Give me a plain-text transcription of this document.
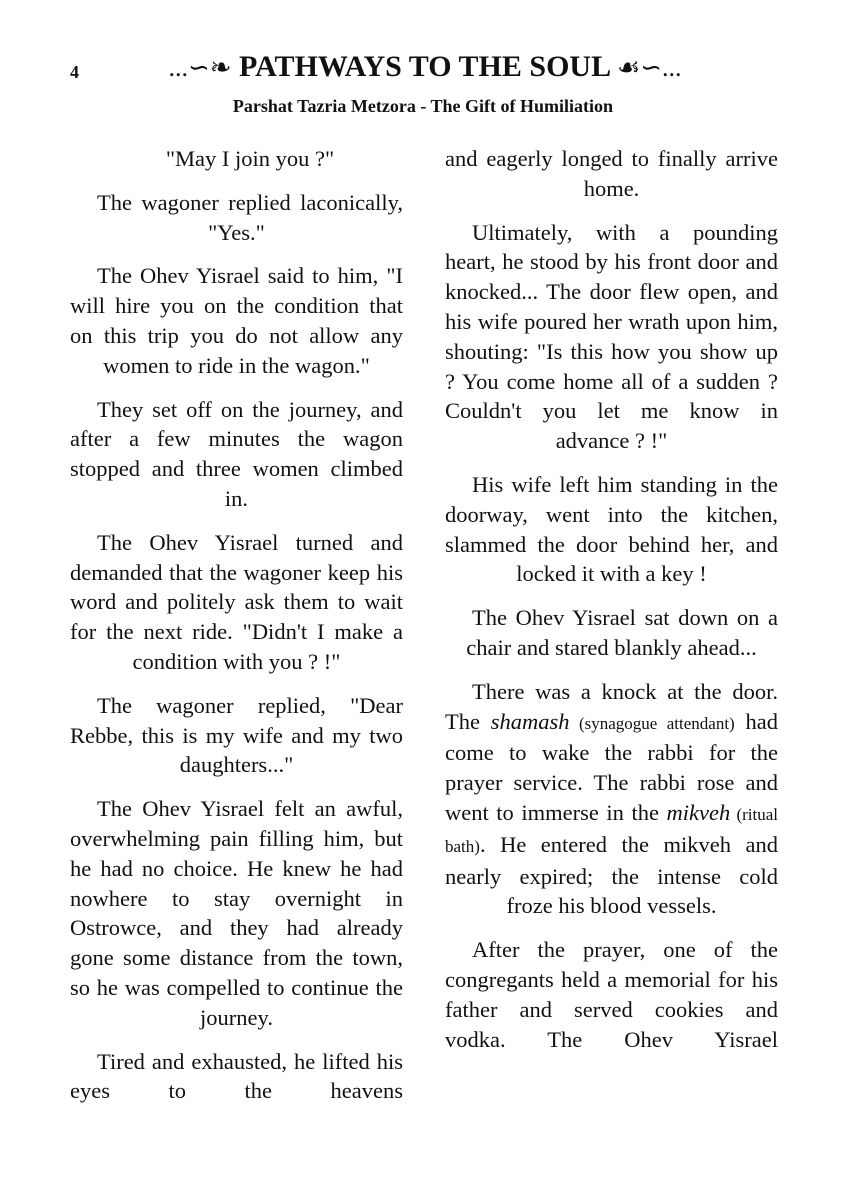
4	...∽❧ PATHWAYS TO THE SOUL ☙∽...
Parshat Tazria Metzora - The Gift of Humiliation

"May I join you ?"

The wagoner replied laconically, "Yes."

The Ohev Yisrael said to him, "I will hire you on the condition that on this trip you do not allow any women to ride in the wagon."

They set off on the journey, and after a few minutes the wagon stopped and three women climbed in.

The Ohev Yisrael turned and demanded that the wagoner keep his word and politely ask them to wait for the next ride. "Didn't I make a condition with you ? !"

The wagoner replied, "Dear Rebbe, this is my wife and my two daughters..."

The Ohev Yisrael felt an awful, overwhelming pain filling him, but he had no choice. He knew he had nowhere to stay overnight in Ostrowce, and they had already gone some distance from the town, so he was compelled to continue the journey.

Tired and exhausted, he lifted his eyes to the heavens

and eagerly longed to finally arrive home.

Ultimately, with a pounding heart, he stood by his front door and knocked... The door flew open, and his wife poured her wrath upon him, shouting: "Is this how you show up ? You come home all of a sudden ? Couldn't you let me know in advance ? !"

His wife left him standing in the doorway, went into the kitchen, slammed the door behind her, and locked it with a key !

The Ohev Yisrael sat down on a chair and stared blankly ahead...

There was a knock at the door. The shamash (synagogue attendant) had come to wake the rabbi for the prayer service. The rabbi rose and went to immerse in the mikveh (ritual bath). He entered the mikveh and nearly expired; the intense cold froze his blood vessels.

After the prayer, one of the congregants held a memorial for his father and served cookies and vodka. The Ohev Yisrael
